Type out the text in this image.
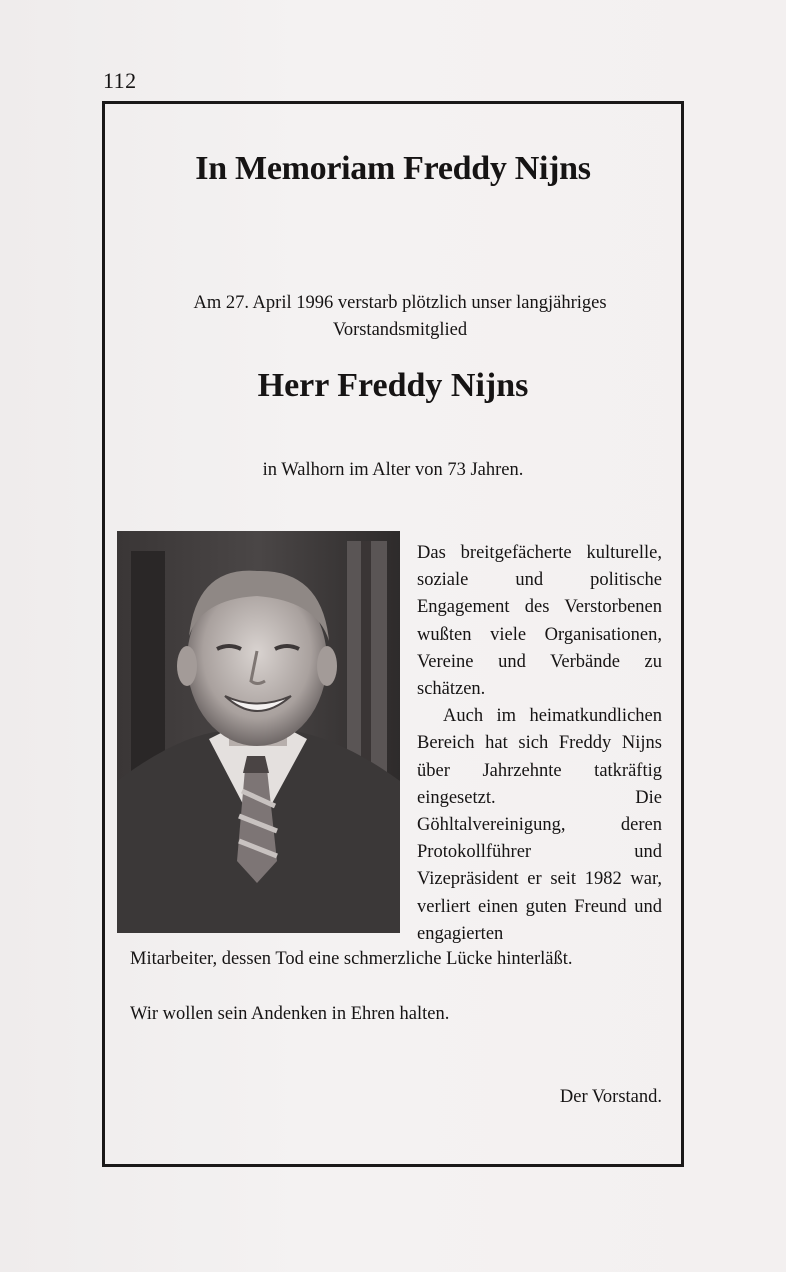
112
In Memoriam Freddy Nijns
Am 27. April 1996 verstarb plötzlich unser langjähriges
Vorstandsmitglied
Herr Freddy Nijns
in Walhorn im Alter von 73 Jahren.

Das breitgefächerte kulturelle, soziale und politische Engagement des Verstorbenen wußten viele Organisationen, Vereine und Verbände zu schätzen.

Auch im heimatkundlichen Bereich hat sich Freddy Nijns über Jahrzehnte tatkräftig eingesetzt. Die Göhltalvereinigung, deren Protokollführer und Vizepräsident er seit 1982 war, verliert einen guten Freund und engagierten

Mitarbeiter, dessen Tod eine schmerzliche Lücke hinterläßt.
Wir wollen sein Andenken in Ehren halten.
Der Vorstand.
